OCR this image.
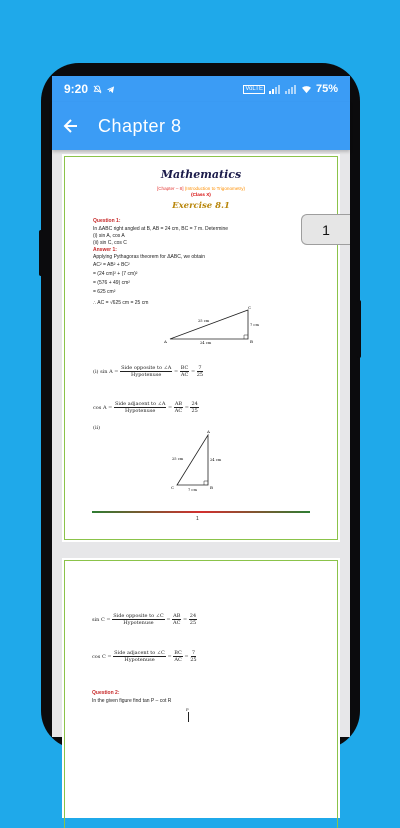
9:20	VoLTE	75%
Chapter 8
1
Mathematics
[Chapter – 8] (Introduction to Trigonometry)
(Class X)
Exercise 8.1
Question 1:
In ΔABC right angled at B, AB = 24 cm, BC = 7 m. Determine
(i) sin A, cos A
(ii) sin C, cos C
Answer 1:
Applying Pythagoras theorem for ΔABC, we obtain
AC² = AB² + BC²
= (24 cm)² + (7 cm)²
= (576 + 49) cm²
= 625 cm²
∴ AC = √625 cm = 25 cm
A	B
C
25 cm
7 cm
24 cm
(i) $\sin A = \frac{\text{Side opposite to ∠A}}{\text{Hypotenuse}} = \frac{BC}{AC} = \frac{7}{25}$
$\cos A = \frac{\text{Side adjacent to ∠A}}{\text{Hypotenuse}} = \frac{AB}{AC} = \frac{24}{25}$
(ii)
A
B
C
25 cm	24 cm
7 cm
1
$\sin C = \frac{\text{Side opposite to ∠C}}{\text{Hypotenuse}} = \frac{AB}{AC} = \frac{24}{25}$
$\cos C = \frac{\text{Side adjacent to ∠C}}{\text{Hypotenuse}} = \frac{BC}{AC} = \frac{7}{25}$
Question 2:
In the given figure find tan P – cot R
P
